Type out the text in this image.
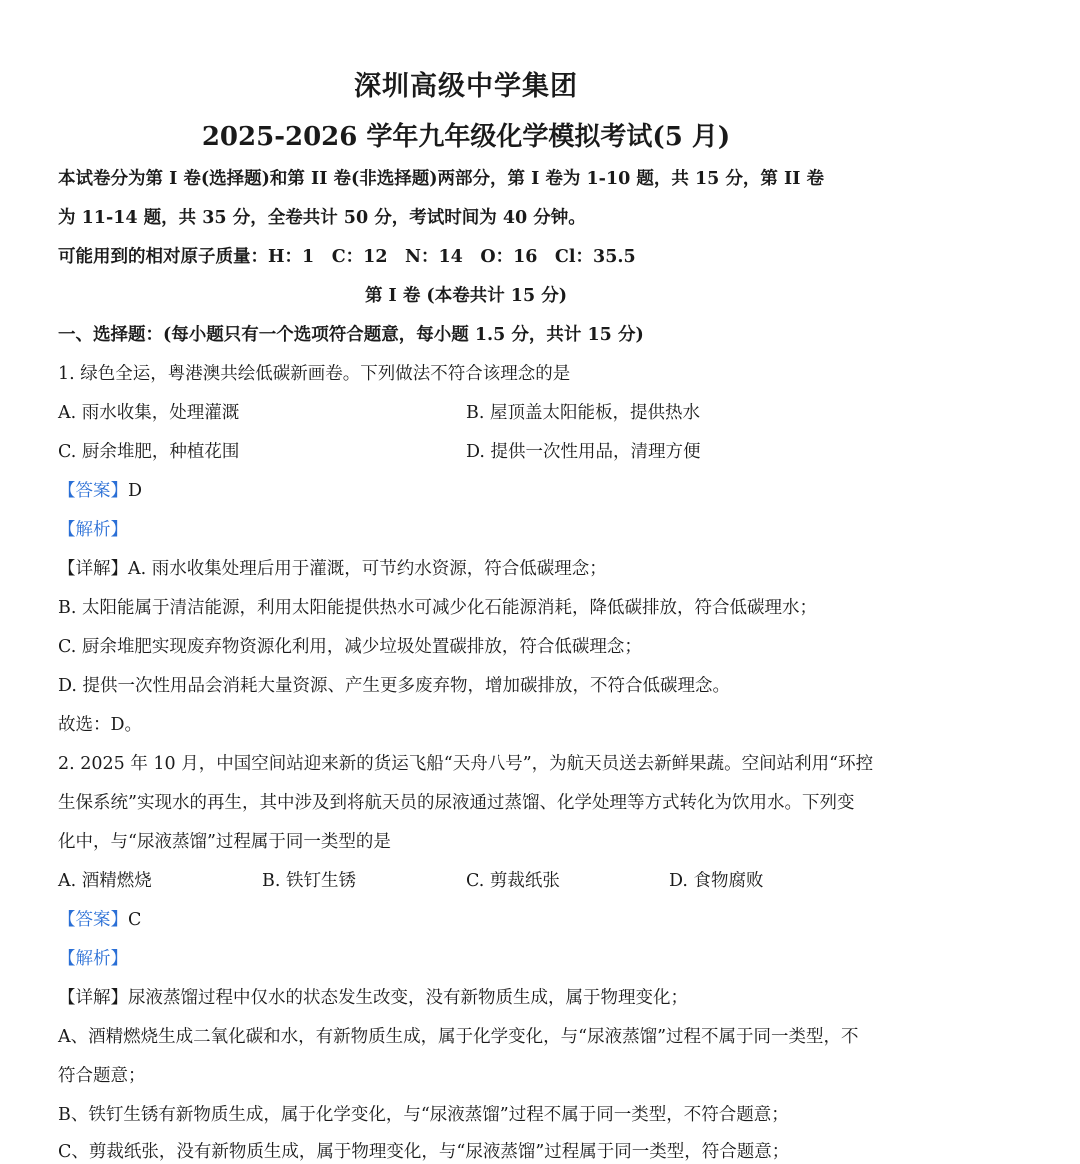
深圳高级中学集团
2025-2026 学年九年级化学模拟考试(5 月)
本试卷分为第 I 卷(选择题)和第 II 卷(非选择题)两部分，第 I 卷为 1-10 题，共 15 分，第 II 卷
为 11-14 题，共 35 分，全卷共计 50 分，考试时间为 40 分钟。
可能用到的相对原子质量：H：1　C：12　N：14　O：16　Cl：35.5
第 I 卷 (本卷共计 15 分)
一、选择题：(每小题只有一个选项符合题意，每小题 1.5 分，共计 15 分)
1. 绿色全运，粤港澳共绘低碳新画卷。下列做法不符合该理念的是
A. 雨水收集，处理灌溉	B. 屋顶盖太阳能板，提供热水
C. 厨余堆肥，种植花围	D. 提供一次性用品，清理方便
【答案】D
【解析】
【详解】A. 雨水收集处理后用于灌溉，可节约水资源，符合低碳理念；
B. 太阳能属于清洁能源，利用太阳能提供热水可减少化石能源消耗，降低碳排放，符合低碳理水；
C. 厨余堆肥实现废弃物资源化利用，减少垃圾处置碳排放，符合低碳理念；
D. 提供一次性用品会消耗大量资源、产生更多废弃物，增加碳排放，不符合低碳理念。
故选：D。
2. 2025 年 10 月，中国空间站迎来新的货运飞船“天舟八号”，为航天员送去新鲜果蔬。空间站利用“环控
生保系统”实现水的再生，其中涉及到将航天员的尿液通过蒸馏、化学处理等方式转化为饮用水。下列变
化中，与“尿液蒸馏”过程属于同一类型的是
A. 酒精燃烧	B. 铁钉生锈	C. 剪裁纸张	D. 食物腐败
【答案】C
【解析】
【详解】尿液蒸馏过程中仅水的状态发生改变，没有新物质生成，属于物理变化；
A、酒精燃烧生成二氧化碳和水，有新物质生成，属于化学变化，与“尿液蒸馏”过程不属于同一类型，不
符合题意；
B、铁钉生锈有新物质生成，属于化学变化，与“尿液蒸馏”过程不属于同一类型，不符合题意；
C、剪裁纸张，没有新物质生成，属于物理变化，与“尿液蒸馏”过程属于同一类型，符合题意；
